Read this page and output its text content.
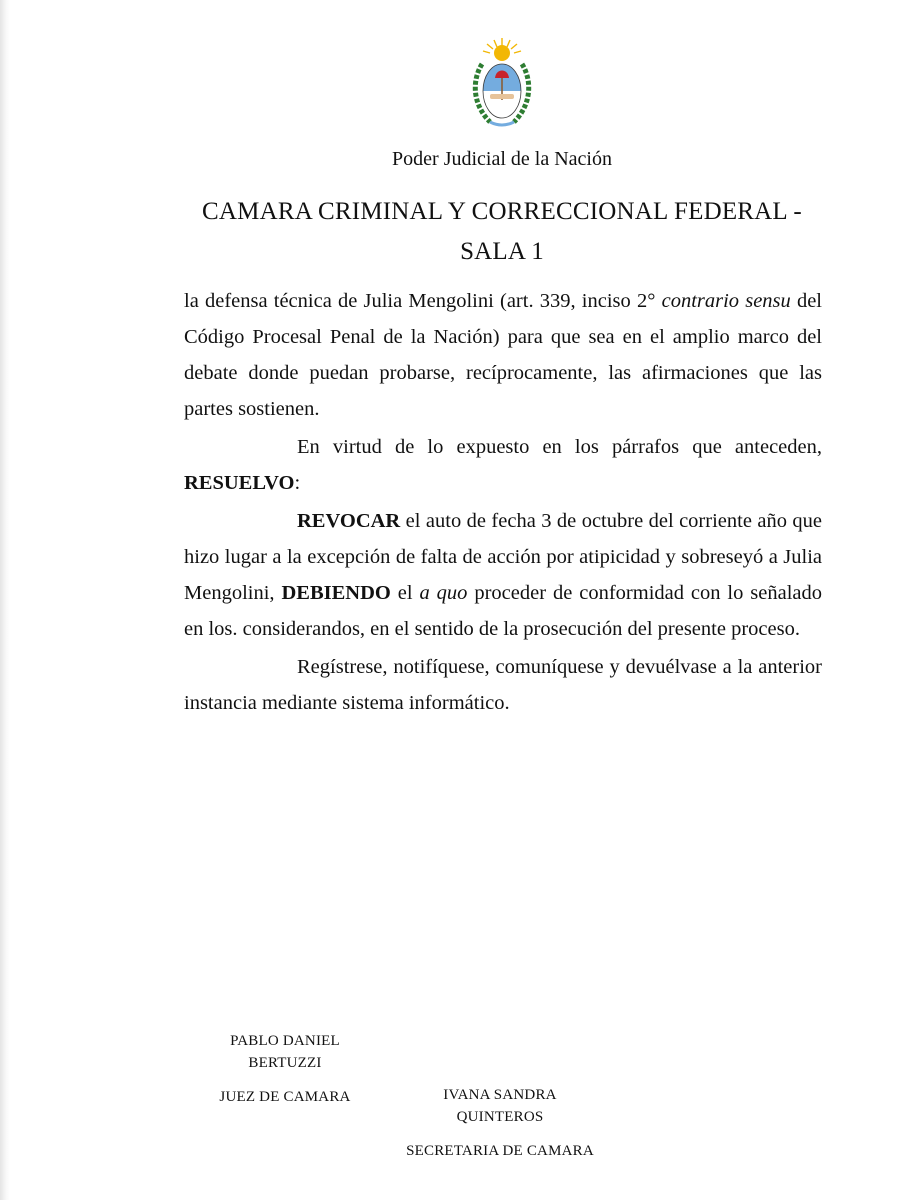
Poder Judicial de la Nación
CAMARA CRIMINAL Y CORRECCIONAL FEDERAL -
SALA 1

la defensa técnica de Julia Mengolini (art. 339, inciso 2° contrario sensu del Código Procesal Penal de la Nación) para que sea en el amplio marco del debate donde puedan probarse, recíprocamente, las afirmaciones que las partes sostienen.

En virtud de lo expuesto en los párrafos que anteceden, RESUELVO:

REVOCAR el auto de fecha 3 de octubre del corriente año que hizo lugar a la excepción de falta de acción por atipicidad y sobreseyó a Julia Mengolini, DEBIENDO el a quo proceder de conformidad con lo señalado en los. considerandos, en el sentido de la prosecución del presente proceso.

Regístrese, notifíquese, comuníquese y devuélvase a la anterior instancia mediante sistema informático.

PABLO DANIEL
BERTUZZI
JUEZ DE CAMARA	IVANA SANDRA
QUINTEROS
SECRETARIA DE CAMARA
